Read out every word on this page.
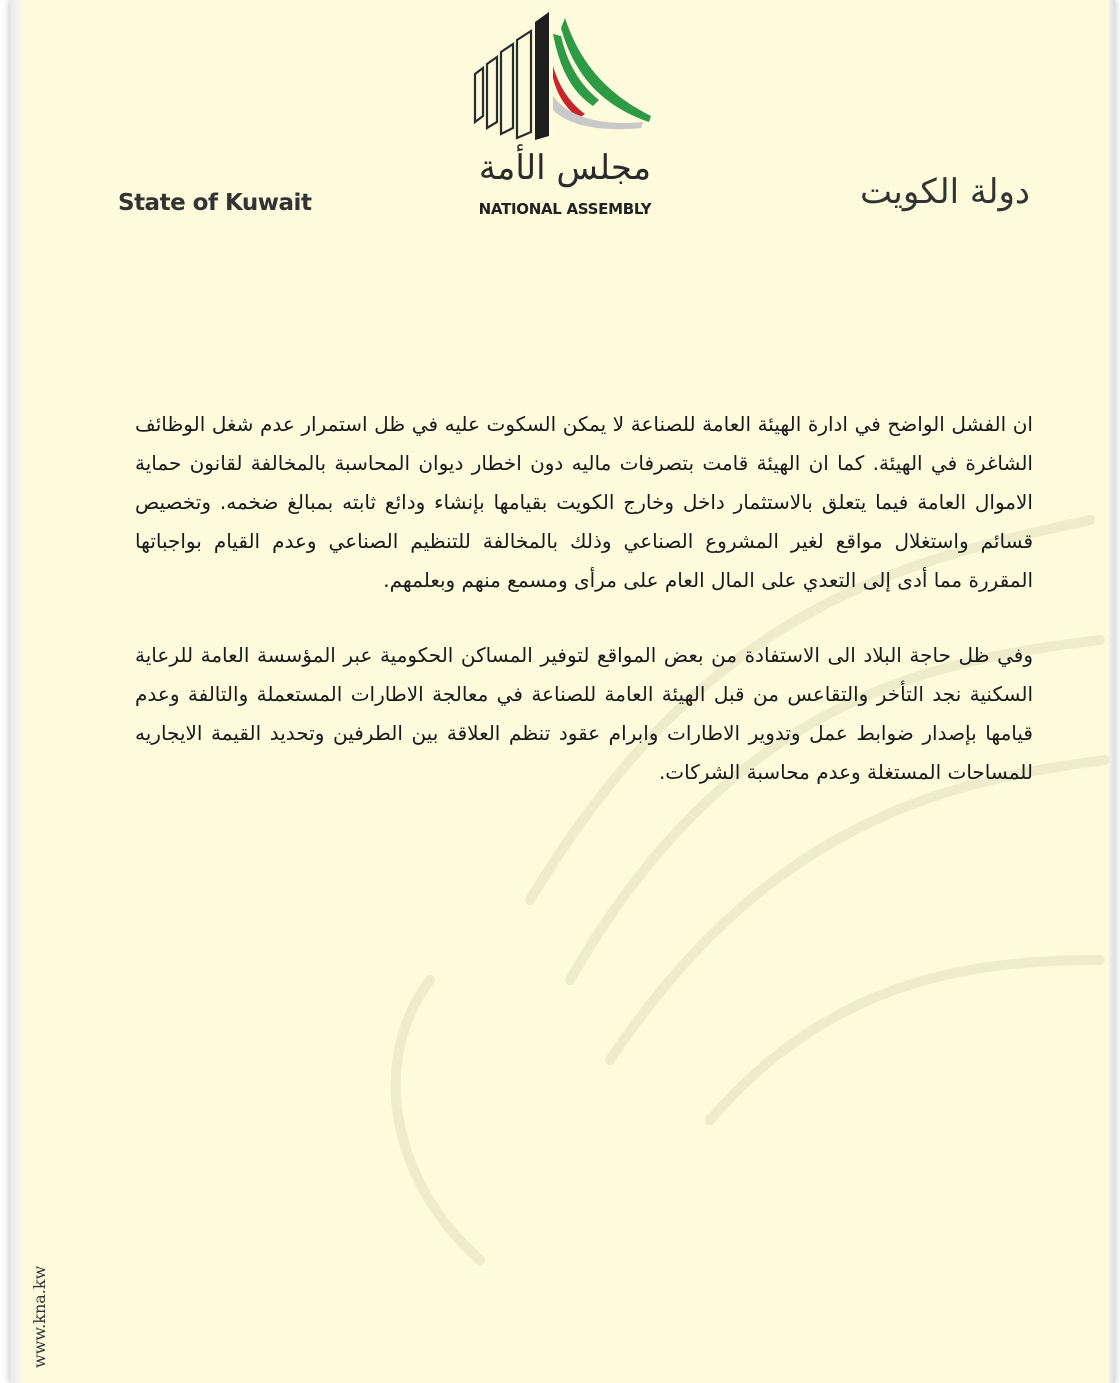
مجلس الأمة
NATIONAL ASSEMBLY
State of Kuwait	دولة الكويت

ان الفشل الواضح في ادارة الهيئة العامة للصناعة لا يمكن السكوت عليه في ظل استمرار عدم شغل الوظائف الشاغرة في الهيئة. كما ان الهيئة قامت بتصرفات ماليه دون اخطار ديوان المحاسبة بالمخالفة لقانون حماية الاموال العامة فيما يتعلق بالاستثمار داخل وخارج الكويت بقيامها بإنشاء ودائع ثابته بمبالغ ضخمه. وتخصيص قسائم واستغلال مواقع لغير المشروع الصناعي وذلك بالمخالفة للتنظيم الصناعي وعدم القيام بواجباتها المقررة مما أدى إلى التعدي على المال العام على مرأى ومسمع منهم وبعلمهم.

وفي ظل حاجة البلاد الى الاستفادة من بعض المواقع لتوفير المساكن الحكومية عبر المؤسسة العامة للرعاية السكنية نجد التأخر والتقاعس من قبل الهيئة العامة للصناعة في معالجة الاطارات المستعملة والتالفة وعدم قيامها بإصدار ضوابط عمل وتدوير الاطارات وابرام عقود تنظم العلاقة بين الطرفين وتحديد القيمة الايجاريه للمساحات المستغلة وعدم محاسبة الشركات.

www.kna.kw
